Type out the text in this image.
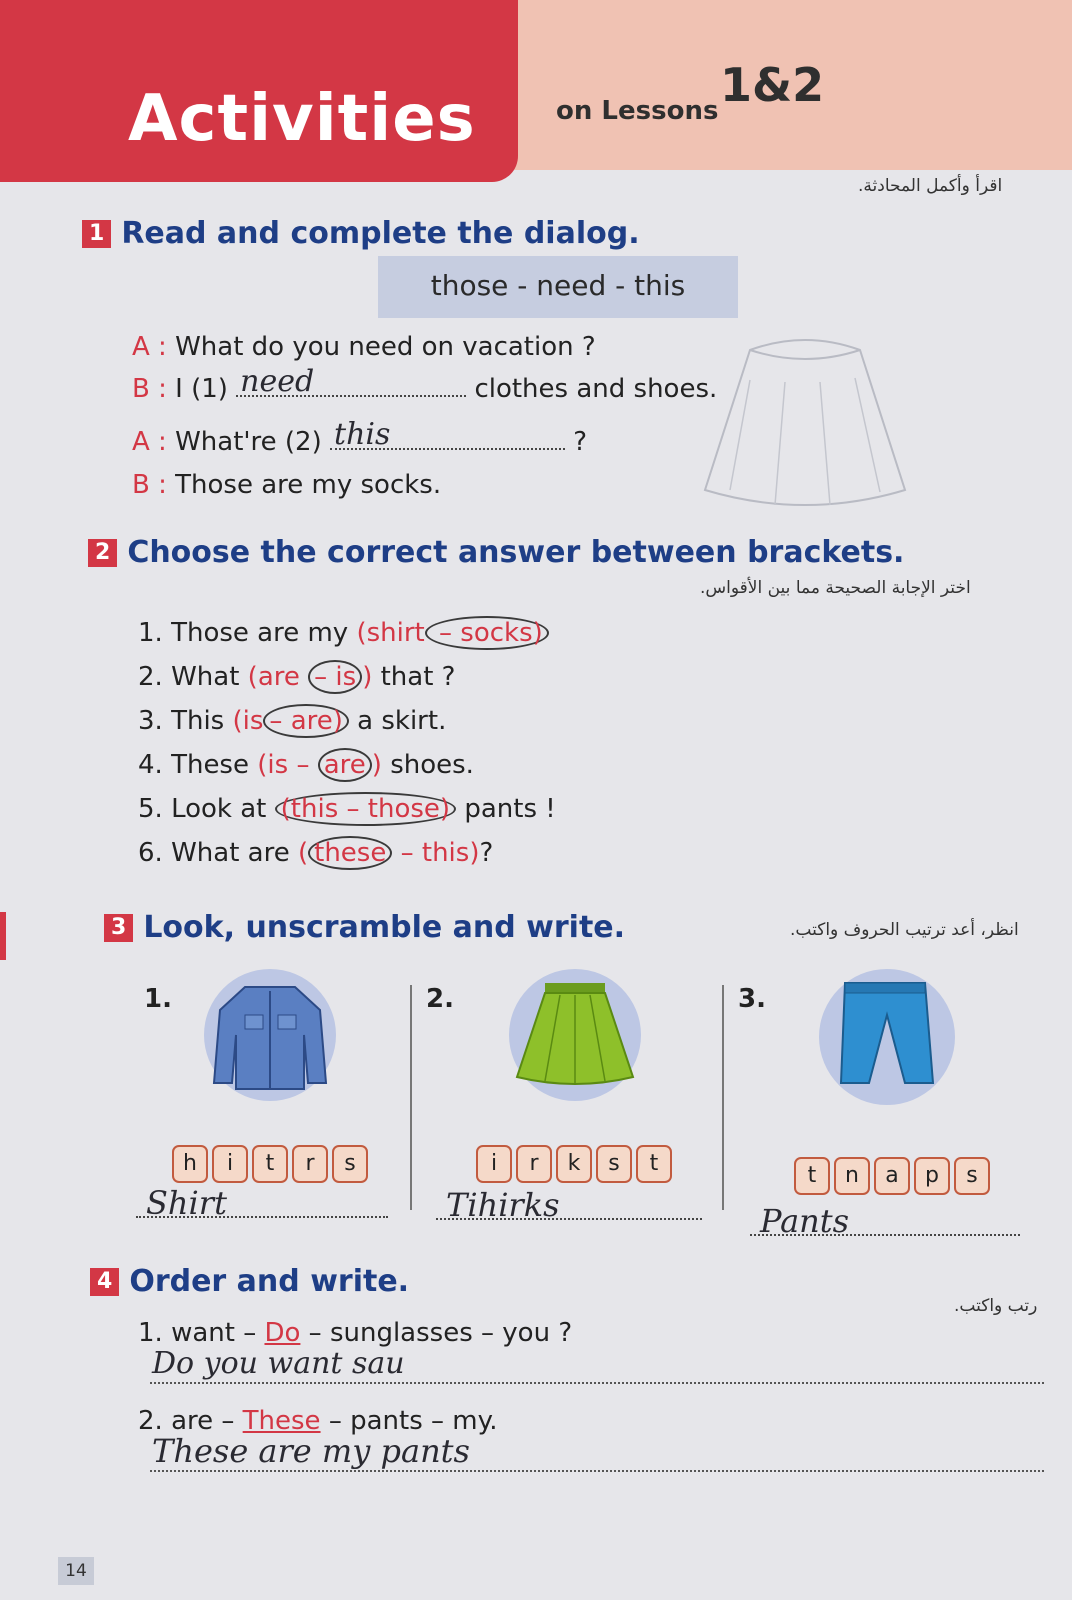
Activities	on Lessons 1&2
اقرأ وأكمل المحادثة.
1 Read and complete the dialog.
those - need - this
A : What do you need on vacation ?
B : I (1) need	clothes and shoes.
A : What're (2) this	?
B : Those are my socks.
2 Choose the correct answer between brackets.
اختر الإجابة الصحيحة مما بين الأقواس.
1. Those are my (shirt – socks)
2. What (are – is ) that ?
3. This (is – are) a skirt.
4. These (is – are ) shoes.
5. Look at (this – those) pants !
6. What are ( these – this)?
3 Look, unscramble and write.	انظر، أعد ترتيب الحروف واكتب.
1.
h	i	t	r	s
Shirt
2.
i	r	k	s	t
Tihirks
3.
t	n	a	p	s
Pants
4 Order and write.
رتب واكتب.
1. want – Do – sunglasses – you ?
Do you want sau
2. are – These – pants – my.
These are my pants
14
